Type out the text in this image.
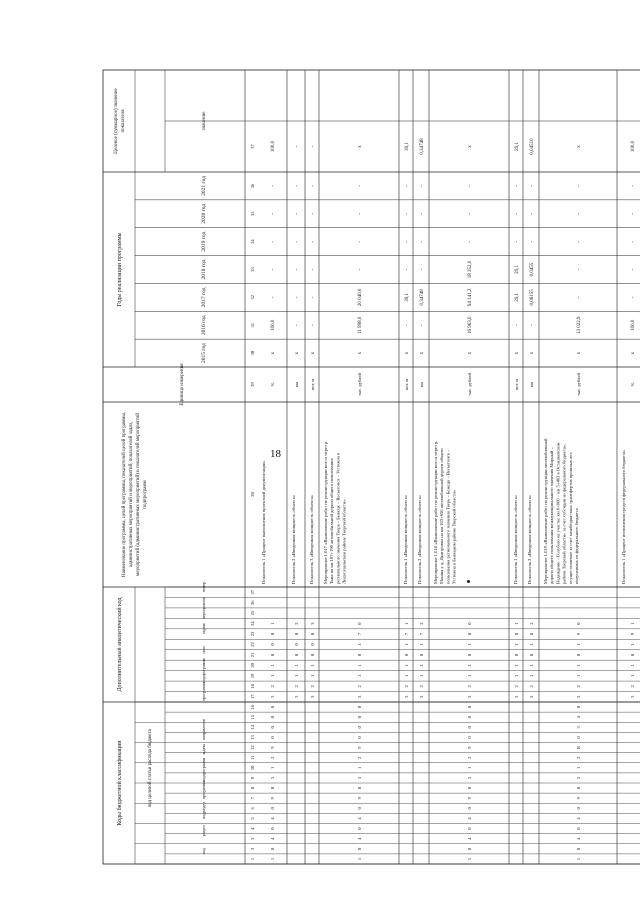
18
Коды бюджетной классификации	код целевой статьи расхода бюджета
Дополнительный аналитический код
Наименование программы, целей программы, показателей целей программы, административных мероприятий и мероприятий, показателей задач, мероприятий (административных мероприятий) и показателей мероприятий подпрограмм
Единица измерения
Годы реализации программы
Целевое (суммарное) значение показателя	значение
2015 год
2016 год
2017 год
2018 год
2019 год
2020 год
2021 год
код
раздел
подраздел
программа
подпрограмма
задача
направление
программа
подпрограмма
цель
задача
мероприятие
номер
1
2
3
4
5
6
7
8
9
10
11
12
13
14
15
16
17
18
19
20
21
22
23
24
25
26
27
28
29
30
31
32
33
34
35
36
37
1
0
4
0
4
0
9
0
3
1
2
9
0
0
0
0
3
2
1
1
0
0
0
1
Показатель 1 «Процент выполнения проектной документации»
%
х
100,0
-
-
-
-
-
100,0
3
2
1
1
0
0
0
2
Показатель 2 «Введенная мощность объекта»
км
х
-
-
-
-
-
-
-
3
2
1
1
0
0
0
3
Показатель 3 «Введенная мощность объекта»
пог. м
х
-
-
-
-
-
-
-
1
0
4
0
4
0
9
0
3
1
2
9
0
0
0
0
3
2
1
1
0
1
7
0
Мероприятие 1.017 «Выполнение работ по реконструкции моста через р. Тьма на км 107+190 автомобильной дороги общего пользования регионального значения Тверь – Бежецк – Весьегонск – Устюжна в Лихославльском районе Тверской области»
тыс. рублей
х
11 998,0
20 040,0
-
-
-
-
х
3
2
1
1
0
1
7
1
Показатель 1 «Введенная мощность объекта»
пог. м
х
-
39,1
-
-
-
-
39,1
3
2
1
1
0
1
7
2
Показатель 2 «Введенная мощность объекта»
км
х
-
0,34748
-
-
-
-
0,34748
1
0
4
0
4
0
9
0
3
1
2
9
0
0
0
0
3
2
1
1
0
1
8
0
Мероприятие 1.018 «Выполнение работ по реконструкции моста через р. Мошня у д. Дмитровка на км 103+656 автомобильной дороги общего пользования регионального значения Тверь – Бежецк – Весьегонск – Устюжна в Бежецком районе Тверской области»
тыс. рублей
х
16 963,0
94 141,2
18 352,0
-
-
-
х
3
2
1
1
0
1
8
1
Показатель 1 «Введенная мощность объекта»
пог. м
х
-
29,1
29,1
-
-
-
29,1
3
2
1
1
0
1
8
2
Показатель 2 «Введенная мощность объекта»
км
х
-
0,06155
0,0455
-
-
-
0,04510
1
0
4
0
4
0
9
0
3
1
2
R
0
3
4
0
3
2
1
1
0
1
9
0
Мероприятие 1.019 «Выполнение работ по реконструкции автомобильной дороги общего пользования межмуниципального значения Мирный – Надеждино – Голубево на участке км 0+000 – км 5+403 в Осташковском районе Тверской области» за счет субсидии из федерального бюджета», осуществляемое за счет межбюджетных трансфертов прошлых лет, полученных из федерального бюджета
тыс. рублей
х
13 022,9
-
-
-
-
-
х
3
2
1
1
0
1
9
1
Показатель 1 «Процент исполнения средств федерального бюджета»
%
х
100,0
-
-
-
-
-
100,0
